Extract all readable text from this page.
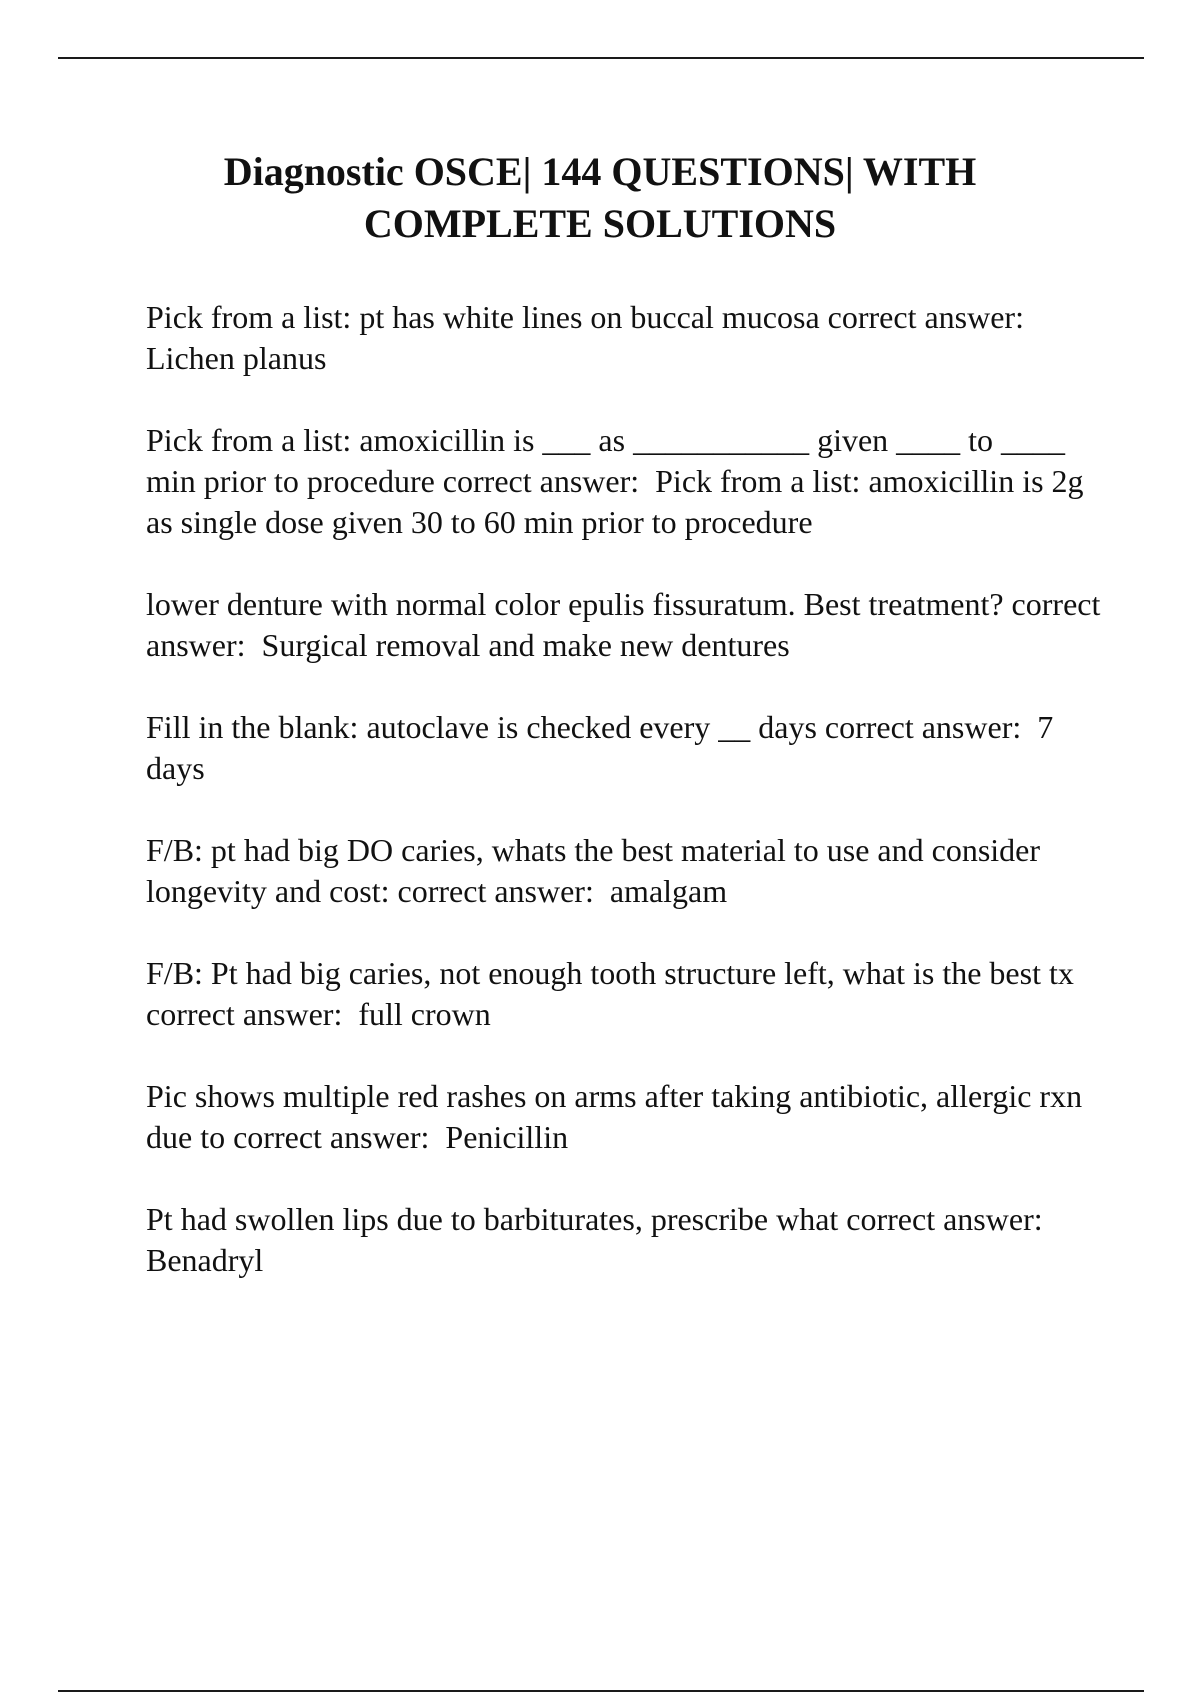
Diagnostic OSCE| 144 QUESTIONS| WITH
COMPLETE SOLUTIONS

Pick from a list: pt has white lines on buccal mucosa correct answer:  Lichen planus

Pick from a list: amoxicillin is ___ as ___________ given ____ to ____ min prior to procedure correct answer:  Pick from a list: amoxicillin is 2g as single dose given 30 to 60 min prior to procedure

lower denture with normal color epulis fissuratum. Best treatment? correct answer:  Surgical removal and make new dentures

Fill in the blank: autoclave is checked every __ days correct answer:  7 days

F/B: pt had big DO caries, whats the best material to use and consider longevity and cost: correct answer:  amalgam

F/B: Pt had big caries, not enough tooth structure left, what is the best tx correct answer:  full crown

Pic shows multiple red rashes on arms after taking antibiotic, allergic rxn due to correct answer:  Penicillin

Pt had swollen lips due to barbiturates, prescribe what correct answer:  Benadryl
